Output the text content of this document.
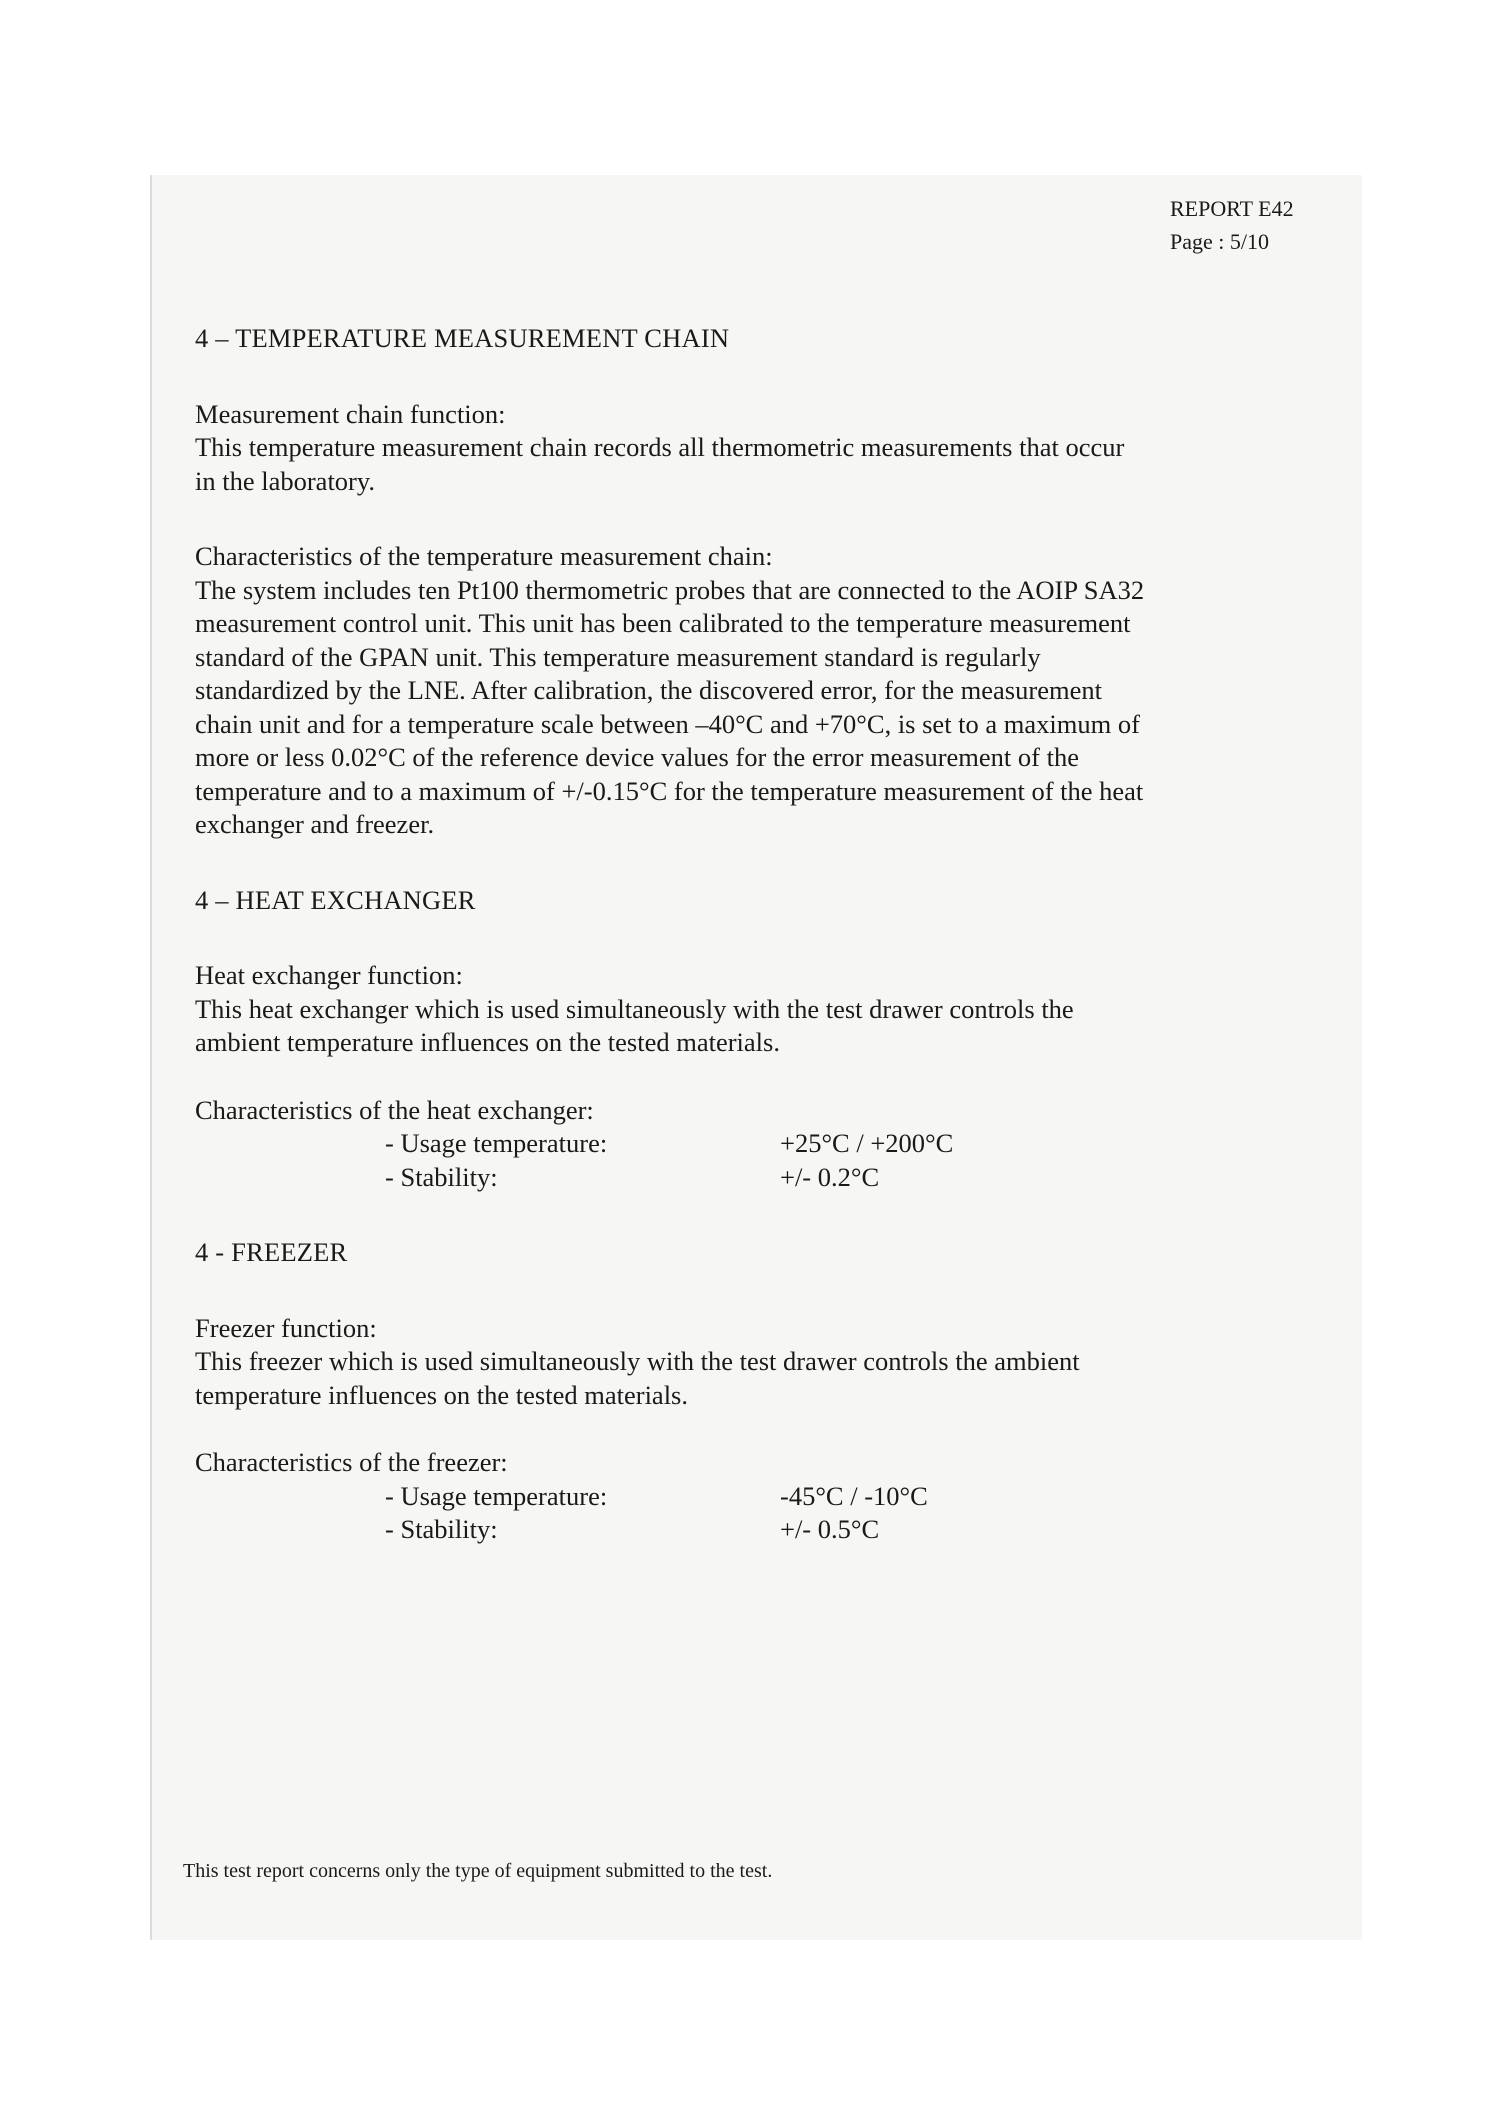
REPORT E42
Page : 5/10
4 – TEMPERATURE MEASUREMENT CHAIN

Measurement chain function:

This temperature measurement chain records all thermometric measurements that occur

in the laboratory.

Characteristics of the temperature measurement chain:

The system includes ten Pt100 thermometric probes that are connected to the AOIP SA32

measurement control unit. This unit has been calibrated to the temperature measurement

standard of the GPAN unit. This temperature measurement standard is regularly

standardized by the LNE. After calibration, the discovered error, for the measurement

chain unit and for a temperature scale between –40°C and +70°C, is set to a maximum of

more or less 0.02°C of the reference device values for the error measurement of the

temperature and to a maximum of +/-0.15°C for the temperature measurement of the heat

exchanger and freezer.

4 – HEAT EXCHANGER

Heat exchanger function:

This heat exchanger which is used simultaneously with the test drawer controls the

ambient temperature influences on the tested materials.

Characteristics of the heat exchanger:

- Usage temperature:	+25°C / +200°C
- Stability:	+/- 0.2°C
4 - FREEZER

Freezer function:

This freezer which is used simultaneously with the test drawer controls the ambient

temperature influences on the tested materials.

Characteristics of the freezer:

- Usage temperature:	-45°C / -10°C
- Stability:	+/- 0.5°C
This test report concerns only the type of equipment submitted to the test.
